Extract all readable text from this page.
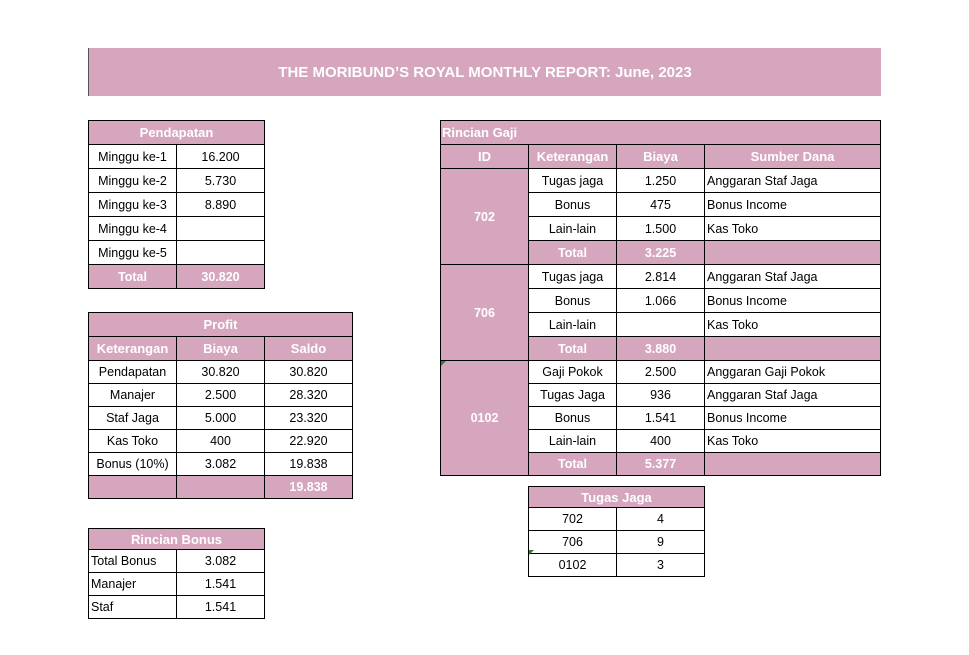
THE MORIBUND’S ROYAL MONTHLY REPORT: June, 2023
Pendapatan	
Minggu ke-1	16.200
Minggu ke-2	5.730
Minggu ke-3	8.890
Minggu ke-4	
Minggu ke-5	
Total	30.820
Profit		
Keterangan	Biaya	Saldo
Pendapatan	30.820	30.820
Manajer	2.500	28.320
Staf Jaga	5.000	23.320
Kas Toko	400	22.920
Bonus (10%)	3.082	19.838
		19.838
Rincian Bonus	
Total Bonus	3.082
Manajer	1.541
Staf	1.541
Rincian Gaji			
ID	Keterangan	Biaya	Sumber Dana
702	Tugas jaga	1.250	Anggaran Staf Jaga
	Bonus	475	Bonus Income
	Lain-lain	1.500	Kas Toko
	Total	3.225	
706	Tugas jaga	2.814	Anggaran Staf Jaga
	Bonus	1.066	Bonus Income
	Lain-lain		Kas Toko
	Total	3.880	
0102	Gaji Pokok	2.500	Anggaran Gaji Pokok
	Tugas Jaga	936	Anggaran Staf Jaga
	Bonus	1.541	Bonus Income
	Lain-lain	400	Kas Toko
	Total	5.377	
Tugas Jaga	
702	4
706	9
0102	3
